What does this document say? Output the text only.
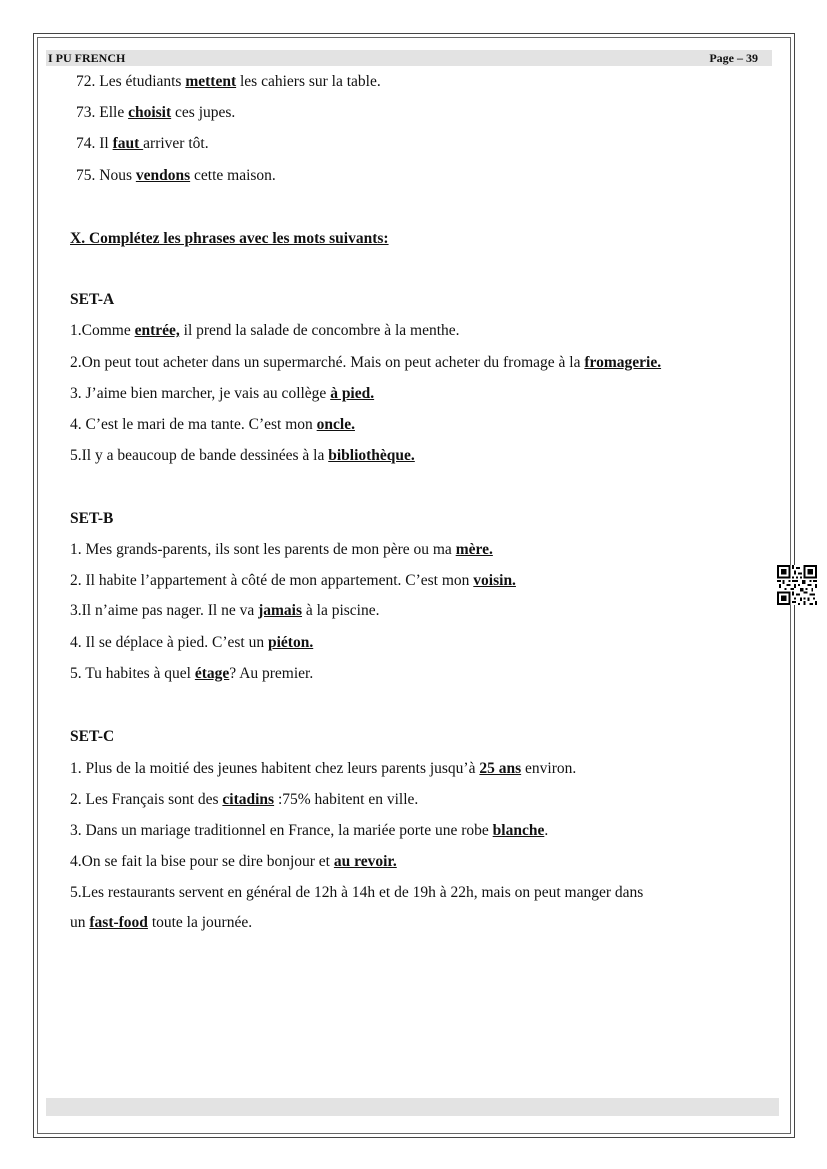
I PU FRENCH	Page – 39
72. Les étudiants mettent les cahiers sur la table.
73. Elle choisit ces jupes.
74. Il faut arriver tôt.
75. Nous vendons cette maison.
X. Complétez les phrases avec les mots suivants:
SET-A
1.Comme entrée, il prend la salade de concombre à la menthe.
2.On peut tout acheter dans un supermarché. Mais on peut acheter du fromage à la fromagerie.
3. J’aime bien marcher, je vais au collège à pied.
4. C’est le mari de ma tante. C’est mon oncle.
5.Il y a beaucoup de bande dessinées à la bibliothèque.
SET-B
1. Mes grands-parents, ils sont les parents de mon père ou ma mère.
2. Il habite l’appartement à côté de mon appartement. C’est mon voisin.
3.Il n’aime pas nager. Il ne va jamais à la piscine.
4. Il se déplace à pied. C’est un piéton.
5. Tu habites à quel étage? Au premier.
SET-C
1. Plus de la moitié des jeunes habitent chez leurs parents jusqu’à 25 ans environ.
2. Les Français sont des citadins :75% habitent en ville.
3. Dans un mariage traditionnel en France, la mariée porte une robe blanche.
4.On se fait la bise pour se dire bonjour et au revoir.
5.Les restaurants servent en général de 12h à 14h et de 19h à 22h, mais on peut manger dans
un fast-food toute la journée.
